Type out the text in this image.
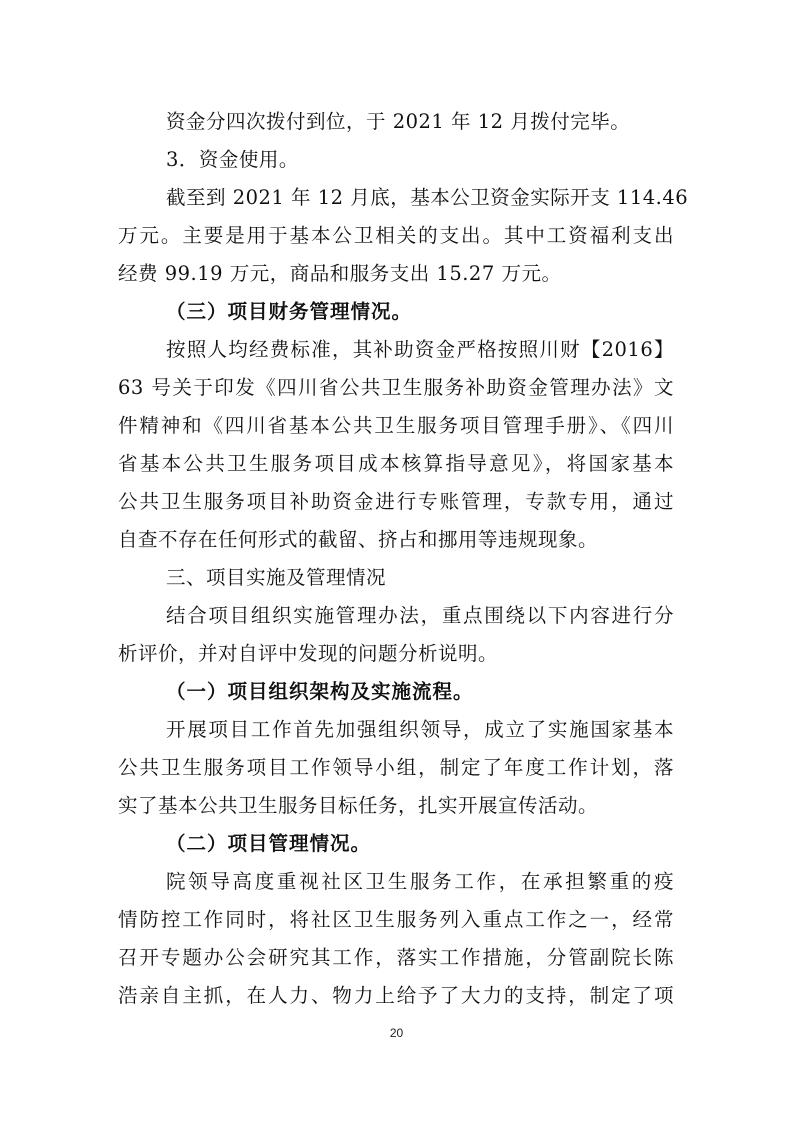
资金分四次拨付到位，于 2021 年 12 月拨付完毕。
3．资金使用。
截至到 2021 年 12 月底，基本公卫资金实际开支 114.46
万元。主要是用于基本公卫相关的支出。其中工资福利支出
经费 99.19 万元，商品和服务支出 15.27 万元。
（三）项目财务管理情况。
按照人均经费标准，其补助资金严格按照川财【2016】
63 号关于印发《四川省公共卫生服务补助资金管理办法》文
件精神和《四川省基本公共卫生服务项目管理手册》、《四川
省基本公共卫生服务项目成本核算指导意见》，将国家基本
公共卫生服务项目补助资金进行专账管理，专款专用，通过
自查不存在任何形式的截留、挤占和挪用等违规现象。
三、项目实施及管理情况
结合项目组织实施管理办法，重点围绕以下内容进行分
析评价，并对自评中发现的问题分析说明。
（一）项目组织架构及实施流程。
开展项目工作首先加强组织领导，成立了实施国家基本
公共卫生服务项目工作领导小组，制定了年度工作计划，落
实了基本公共卫生服务目标任务，扎实开展宣传活动。
（二）项目管理情况。
院领导高度重视社区卫生服务工作，在承担繁重的疫
情防控工作同时，将社区卫生服务列入重点工作之一，经常
召开专题办公会研究其工作，落实工作措施，分管副院长陈
浩亲自主抓，在人力、物力上给予了大力的支持，制定了项
20
